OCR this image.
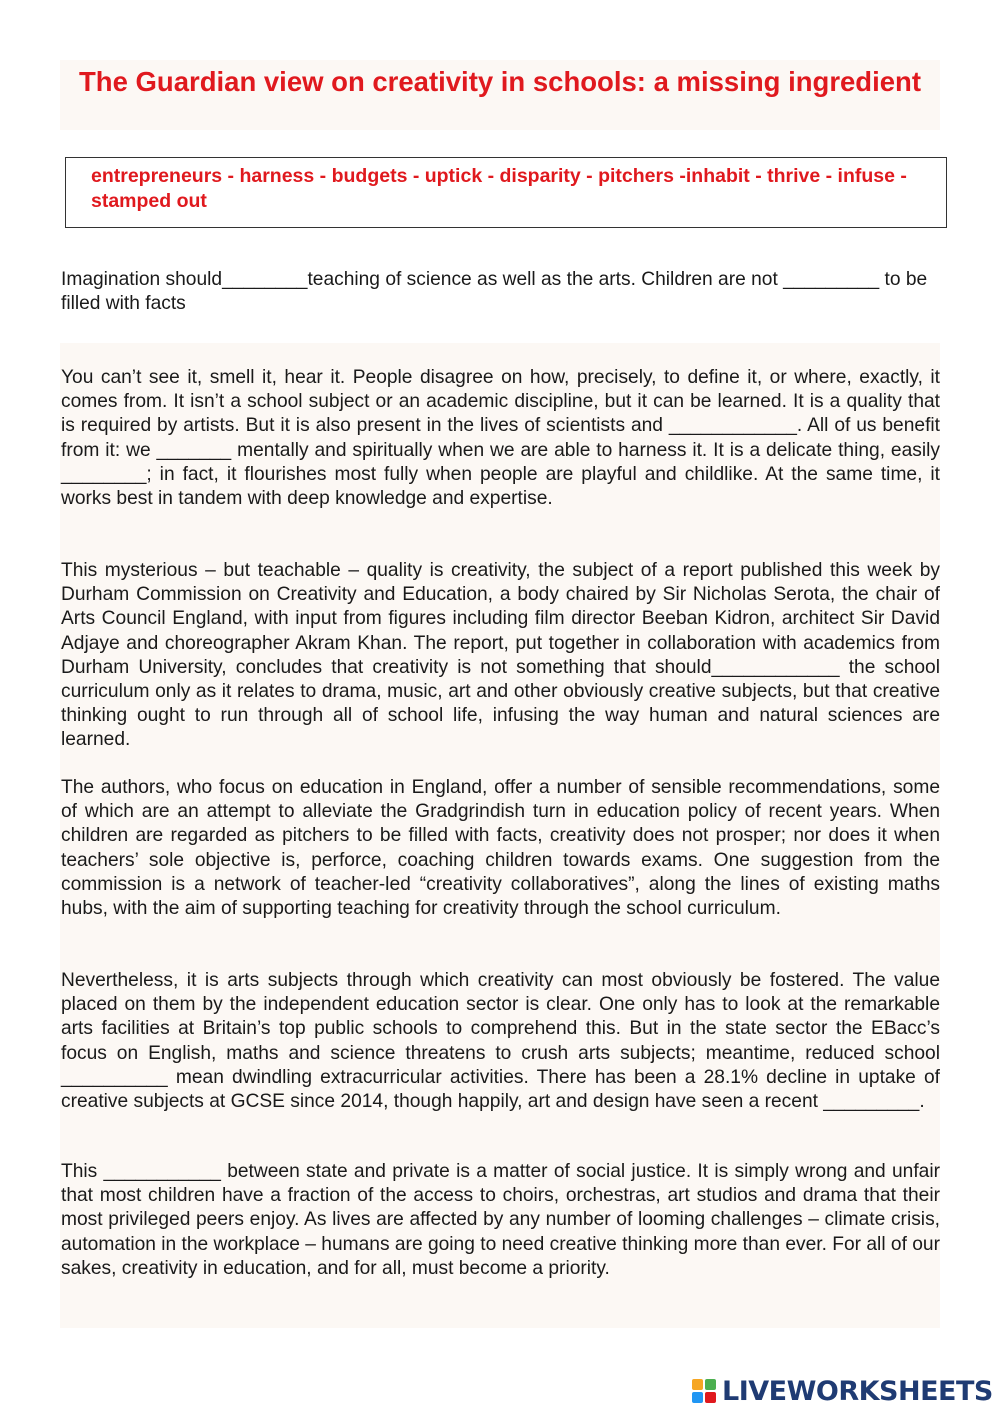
The Guardian view on creativity in schools: a missing ingredient
entrepreneurs - harness - budgets - uptick - disparity - pitchers -inhabit - thrive - infuse - stamped out

Imagination should________teaching of science as well as the arts. Children are not _________ to be filled with facts

You can’t see it, smell it, hear it. People disagree on how, precisely, to define it, or where, exactly, it comes from. It isn’t a school subject or an academic discipline, but it can be learned. It is a quality that is required by artists. But it is also present in the lives of scientists and ____________. All of us benefit from it: we _______ mentally and spiritually when we are able to harness it. It is a delicate thing, easily ________; in fact, it flourishes most fully when people are playful and childlike. At the same time, it works best in tandem with deep knowledge and expertise.

This mysterious – but teachable – quality is creativity, the subject of a report published this week by Durham Commission on Creativity and Education, a body chaired by Sir Nicholas Serota, the chair of Arts Council England, with input from figures including film director Beeban Kidron, architect Sir David Adjaye and choreographer Akram Khan. The report, put together in collaboration with academics from Durham University, concludes that creativity is not something that should____________ the school curriculum only as it relates to drama, music, art and other obviously creative subjects, but that creative thinking ought to run through all of school life, infusing the way human and natural sciences are learned.

The authors, who focus on education in England, offer a number of sensible recommendations, some of which are an attempt to alleviate the Gradgrindish turn in education policy of recent years. When children are regarded as pitchers to be filled with facts, creativity does not prosper; nor does it when teachers’ sole objective is, perforce, coaching children towards exams. One suggestion from the commission is a network of teacher-led “creativity collaboratives”, along the lines of existing maths hubs, with the aim of supporting teaching for creativity through the school curriculum.

Nevertheless, it is arts subjects through which creativity can most obviously be fostered. The value placed on them by the independent education sector is clear. One only has to look at the remarkable arts facilities at Britain’s top public schools to comprehend this. But in the state sector the EBacc’s focus on English, maths and science threatens to crush arts subjects; meantime, reduced school __________ mean dwindling extracurricular activities. There has been a 28.1% decline in uptake of creative subjects at GCSE since 2014, though happily, art and design have seen a recent _________.

This ___________ between state and private is a matter of social justice. It is simply wrong and unfair that most children have a fraction of the access to choirs, orchestras, art studios and drama that their most privileged peers enjoy. As lives are affected by any number of looming challenges – climate crisis, automation in the workplace – humans are going to need creative thinking more than ever. For all of our sakes, creativity in education, and for all, must become a priority.

LIVEWORKSHEETS
